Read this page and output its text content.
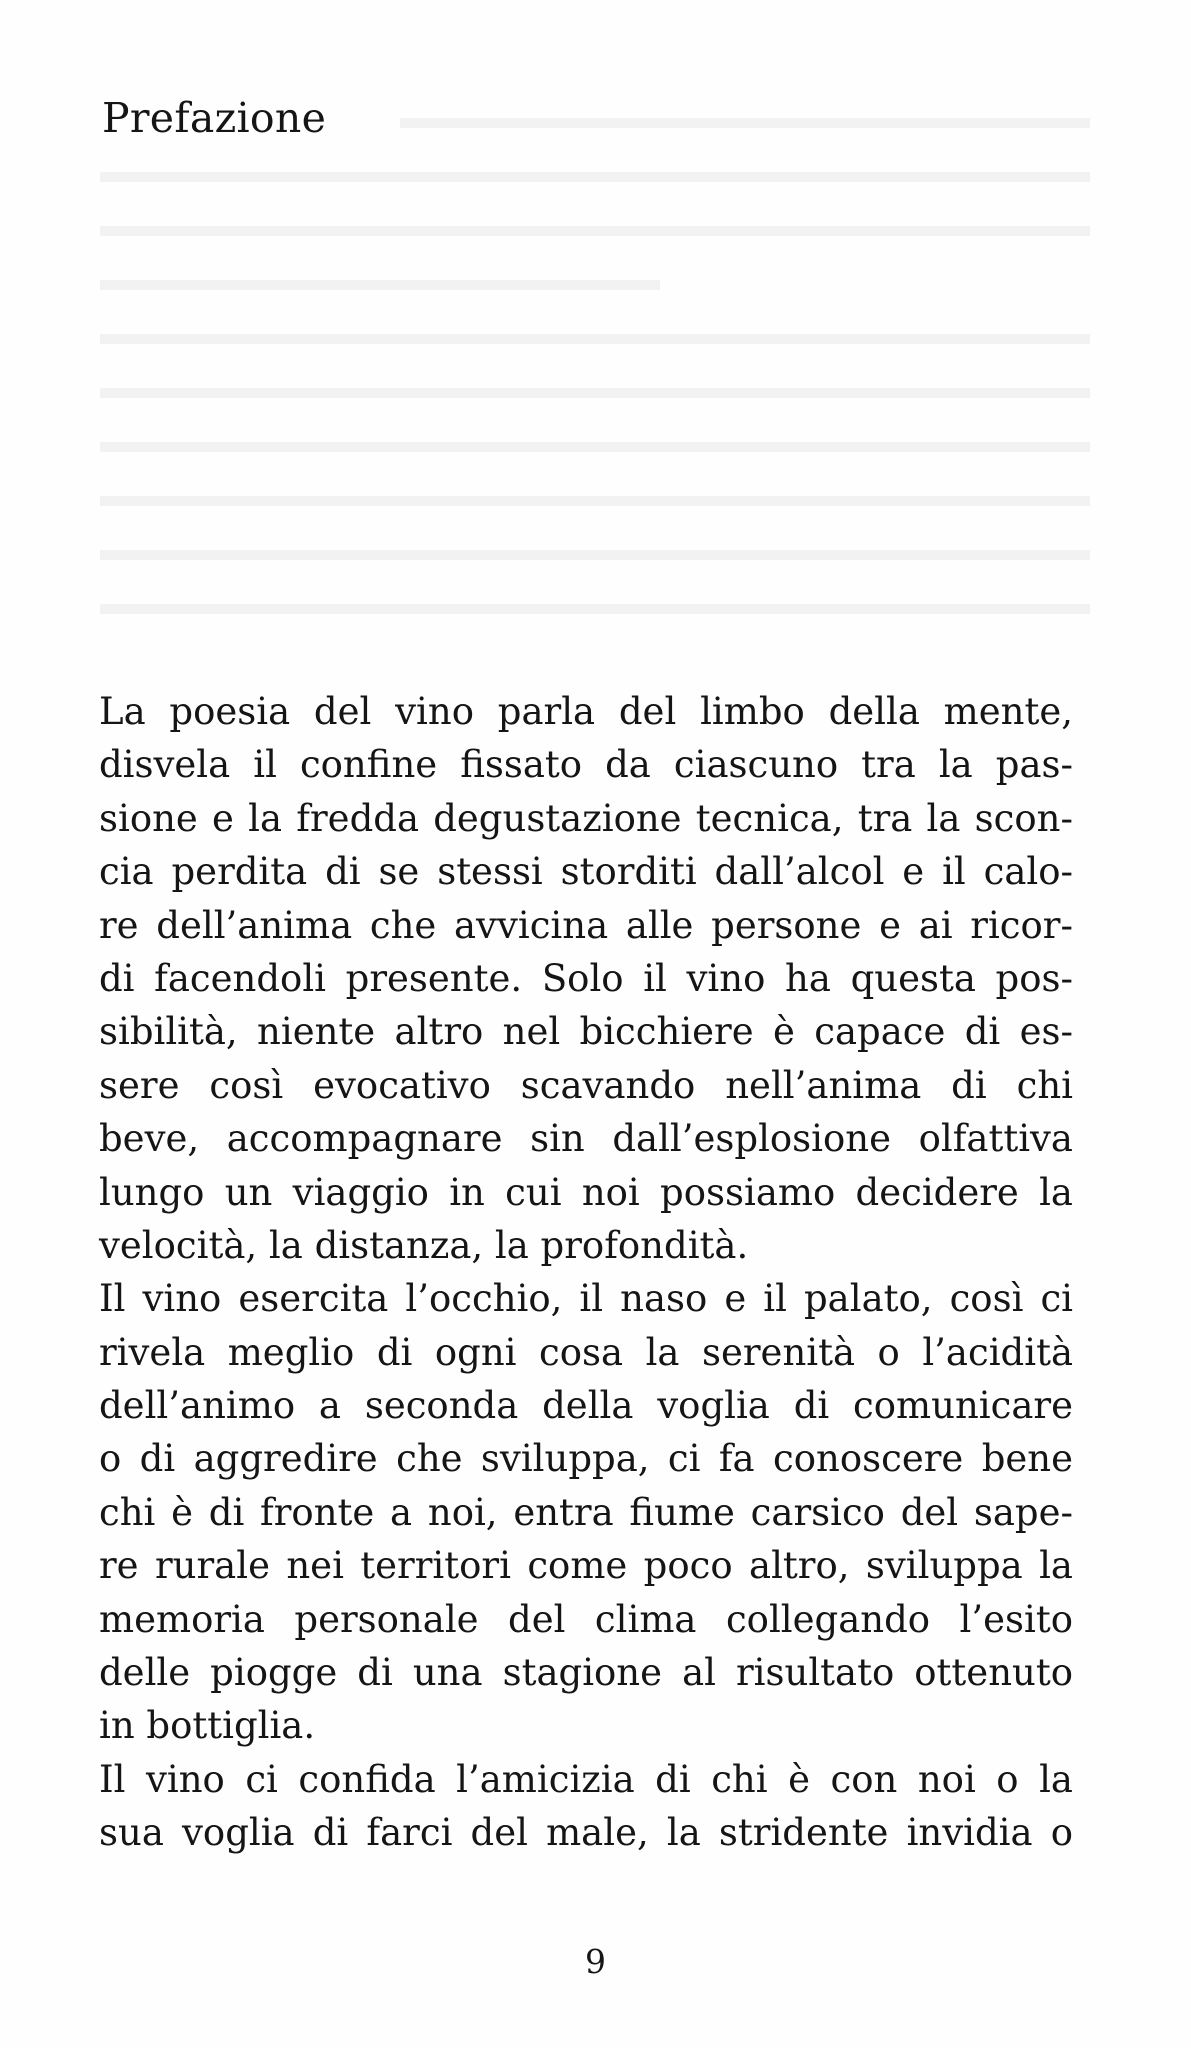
Prefazione
La poesia del vino parla del limbo della mente,
disvela il confine fissato da ciascuno tra la pas-
sione e la fredda degustazione tecnica, tra la scon-
cia perdita di se stessi storditi dall’alcol e il calo-
re dell’anima che avvicina alle persone e ai ricor-
di facendoli presente. Solo il vino ha questa pos-
sibilità, niente altro nel bicchiere è capace di es-
sere così evocativo scavando nell’anima di chi
beve, accompagnare sin dall’esplosione olfattiva
lungo un viaggio in cui noi possiamo decidere la
velocità, la distanza, la profondità.
Il vino esercita l’occhio, il naso e il palato, così ci
rivela meglio di ogni cosa la serenità o l’acidità
dell’animo a seconda della voglia di comunicare
o di aggredire che sviluppa, ci fa conoscere bene
chi è di fronte a noi, entra fiume carsico del sape-
re rurale nei territori come poco altro, sviluppa la
memoria personale del clima collegando l’esito
delle piogge di una stagione al risultato ottenuto
in bottiglia.
Il vino ci confida l’amicizia di chi è con noi o la
sua voglia di farci del male, la stridente invidia o
9
